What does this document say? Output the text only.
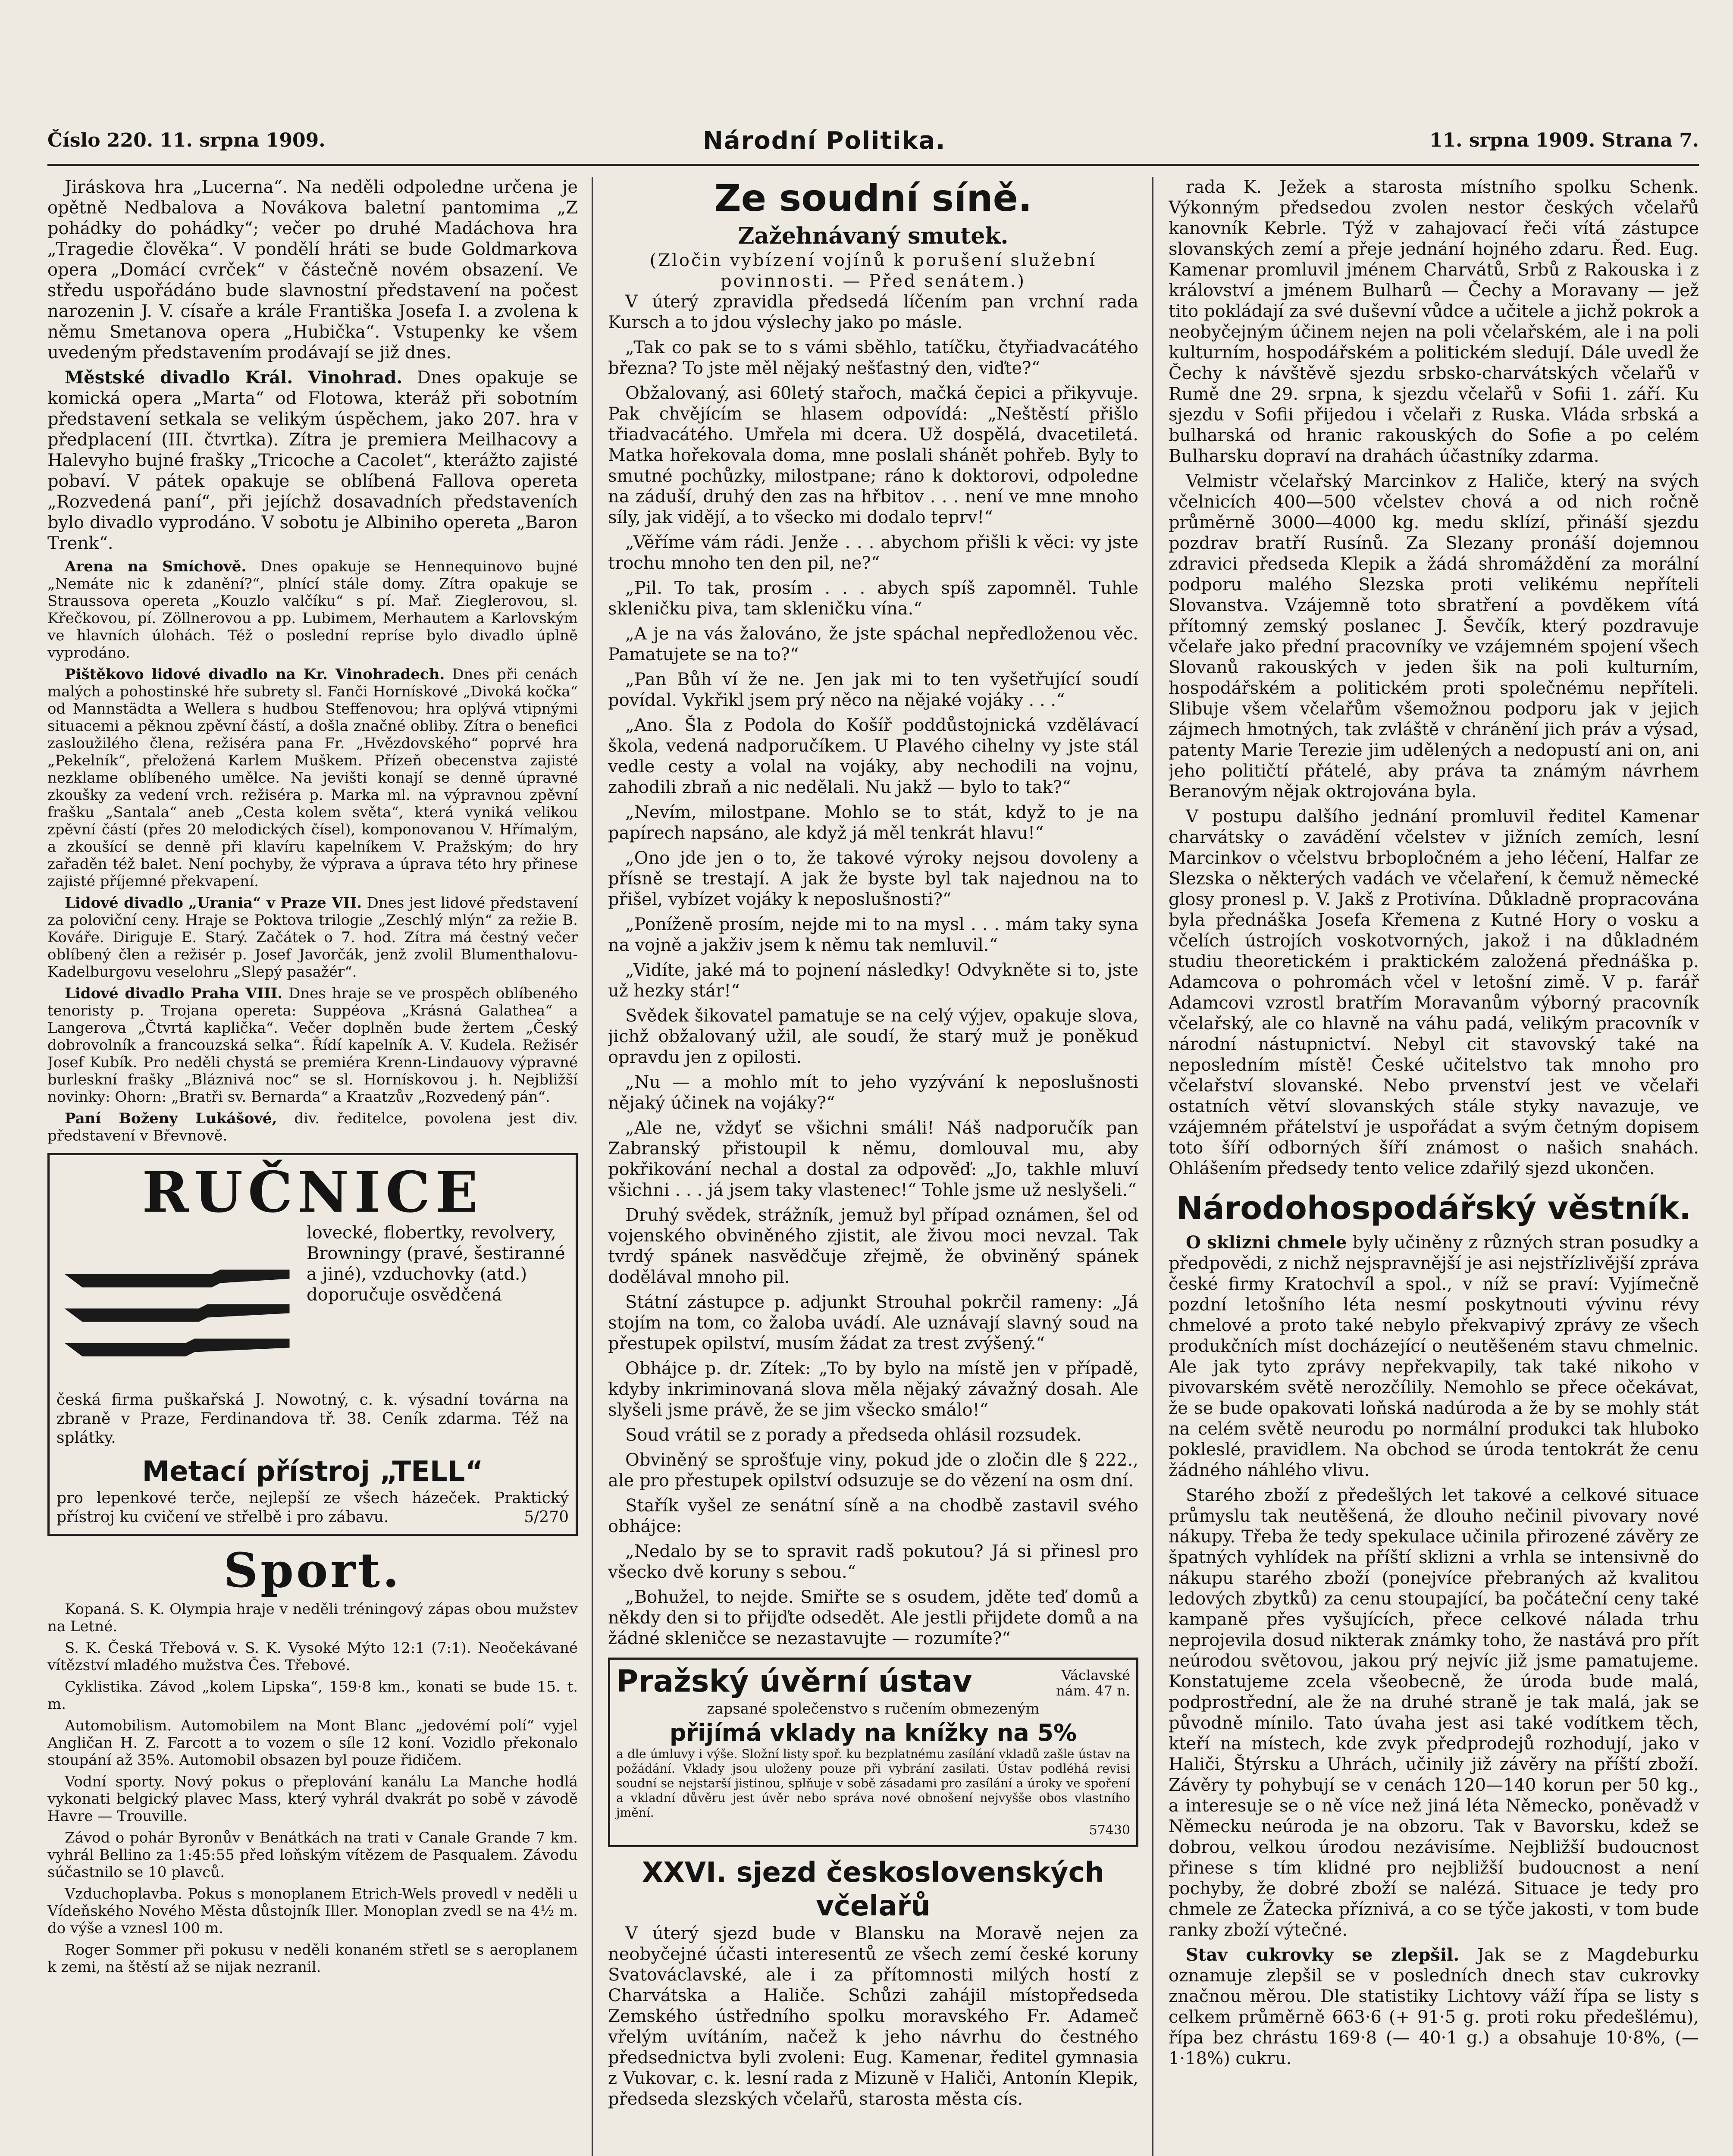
Číslo 220. 11. srpna 1909.	Národní Politika.	11. srpna 1909. Strana 7.

Jiráskova hra „Lucerna“. Na neděli odpoledne určena je opětně Nedbalova a Novákova baletní pantomima „Z pohádky do pohádky“; večer po druhé Madáchova hra „Tragedie člověka“. V pondělí hráti se bude Goldmarkova opera „Domácí cvrček“ v částečně novém obsazení. Ve středu uspořádáno bude slavnostní představení na počest narozenin J. V. císaře a krále Františka Josefa I. a zvolena k němu Smetanova opera „Hubička“. Vstupenky ke všem uvedeným představením prodávají se již dnes.

Městské divadlo Král. Vinohrad. Dnes opakuje se komická opera „Marta“ od Flotowa, kteráž při sobotním představení setkala se velikým úspěchem, jako 207. hra v předplacení (III. čtvrtka). Zítra je premiera Meilhacovy a Halevyho bujné frašky „Tricoche a Cacolet“, kterážto zajisté pobaví. V pátek opakuje se oblíbená Fallova opereta „Rozvedená paní“, při jejíchž dosavadních představeních bylo divadlo vyprodáno. V sobotu je Albiniho opereta „Baron Trenk“.

Arena na Smíchově. Dnes opakuje se Hennequinovo bujné „Nemáte nic k zdanění?“, plnící stále domy. Zítra opakuje se Straussova opereta „Kouzlo valčíku“ s pí. Mař. Zieglerovou, sl. Křečkovou, pí. Zöllnerovou a pp. Lubimem, Merhautem a Karlovským ve hlavních úlohách. Též o poslední repríse bylo divadlo úplně vyprodáno.

Pištěkovo lidové divadlo na Kr. Vinohradech. Dnes při cenách malých a pohostinské hře subrety sl. Fanči Hornískové „Divoká kočka“ od Mannstädta a Wellera s hudbou Steffenovou; hra oplývá vtipnými situacemi a pěknou zpěvní částí, a došla značné obliby. Zítra o benefici zasloužilého člena, režiséra pana Fr. „Hvězdovského“ poprvé hra „Pekelník“, přeložená Karlem Muškem. Přízeň obecenstva zajisté nezklame oblíbeného umělce. Na jevišti konají se denně úpravné zkoušky za vedení vrch. režiséra p. Marka ml. na výpravnou zpěvní frašku „Santala“ aneb „Cesta kolem světa“, která vyniká velikou zpěvní částí (přes 20 melodických čísel), komponovanou V. Hřímalým, a zkoušící se denně při klavíru kapelníkem V. Pražským; do hry zařaděn též balet. Není pochyby, že výprava a úprava této hry přinese zajisté příjemné překvapení.

Lidové divadlo „Urania“ v Praze VII. Dnes jest lidové představení za poloviční ceny. Hraje se Poktova trilogie „Zeschlý mlýn“ za režie B. Kováře. Diriguje E. Starý. Začátek o 7. hod. Zítra má čestný večer oblíbený člen a režisér p. Josef Javorčák, jenž zvolil Blumenthalovu-Kadelburgovu veselohru „Slepý pasažér“.

Lidové divadlo Praha VIII. Dnes hraje se ve prospěch oblíbeného tenoristy p. Trojana opereta: Suppéova „Krásná Galathea“ a Langerova „Čtvrtá kaplička“. Večer doplněn bude žertem „Český dobrovolník a francouzská selka“. Řídí kapelník A. V. Kudela. Režisér Josef Kubík. Pro neděli chystá se premiéra Krenn-Lindauovy výpravné burleskní frašky „Bláznivá noc“ se sl. Hornískovou j. h. Nejbližší novinky: Ohorn: „Bratři sv. Bernarda“ a Kraatzův „Rozvedený pán“.

Paní Boženy Lukášové, div. ředitelce, povolena jest div. představení v Břevnově.

RUČNICE
lovecké, flobertky, revolvery, Browningy (pravé, šestiranné a jiné), vzduchovky (atd.) doporučuje osvědčená
česká firma puškařská J. Nowotný, c. k. výsadní továrna na zbraně v Praze, Ferdinandova tř. 38. Ceník zdarma. Též na splátky.
Metací přístroj „TELL“
pro lepenkové terče, nejlepší ze všech házeček. Praktický přístroj ku cvičení ve střelbě i pro zábavu.	5/270
Sport.

Kopaná. S. K. Olympia hraje v neděli tréningový zápas obou mužstev na Letné.

S. K. Česká Třebová v. S. K. Vysoké Mýto 12:1 (7:1). Neočekávané vítězství mladého mužstva Čes. Třebové.

Cyklistika. Závod „kolem Lipska“, 159·8 km., konati se bude 15. t. m.

Automobilism. Automobilem na Mont Blanc „jedovémí polí“ vyjel Angličan H. Z. Farcott a to vozem o síle 12 koní. Vozidlo překonalo stoupání až 35%. Automobil obsazen byl pouze řidičem.

Vodní sporty. Nový pokus o přeplování kanálu La Manche hodlá vykonati belgický plavec Mass, který vyhrál dvakrát po sobě v závodě Havre — Trouville.

Závod o pohár Byronův v Benátkách na trati v Canale Grande 7 km. vyhrál Bellino za 1:45:55 před loňským vítězem de Pasqualem. Závodu súčastnilo se 10 plavců.

Vzduchoplavba. Pokus s monoplanem Etrich-Wels provedl v neděli u Vídeňského Nového Města důstojník Iller. Monoplan zvedl se na 4½ m. do výše a vznesl 100 m.

Roger Sommer při pokusu v neděli konaném střetl se s aeroplanem k zemi, na štěstí až se nijak nezranil.

Ze soudní síně.
Zažehnávaný smutek.
(Zločin vybízení vojínů k porušení služební povinnosti. — Před senátem.)

V úterý zpravidla předsedá líčením pan vrchní rada Kursch a to jdou výslechy jako po másle.

„Tak co pak se to s vámi sběhlo, tatíčku, čtyřiadvacátého března? To jste měl nějaký nešťastný den, viďte?“

Obžalovaný, asi 60letý stařoch, mačká čepici a přikyvuje. Pak chvějícím se hlasem odpovídá: „Neštěstí přišlo třiadvacátého. Umřela mi dcera. Už dospělá, dvacetiletá. Matka hořekovala doma, mne poslali shánět pohřeb. Byly to smutné pochůzky, milostpane; ráno k doktorovi, odpoledne na záduší, druhý den zas na hřbitov . . . není ve mne mnoho síly, jak vidějí, a to všecko mi dodalo teprv!“

„Věříme vám rádi. Jenže . . . abychom přišli k věci: vy jste trochu mnoho ten den pil, ne?“

„Pil. To tak, prosím . . . abych spíš zapomněl. Tuhle skleničku piva, tam skleničku vína.“

„A je na vás žalováno, že jste spáchal nepředloženou věc. Pamatujete se na to?“

„Pan Bůh ví že ne. Jen jak mi to ten vyšetřující soudí povídal. Vykřikl jsem prý něco na nějaké vojáky . . .“

„Ano. Šla z Podola do Košíř poddůstojnická vzdělávací škola, vedená nadporučíkem. U Plavého cihelny vy jste stál vedle cesty a volal na vojáky, aby nechodili na vojnu, zahodili zbraň a nic nedělali. Nu jakž — bylo to tak?“

„Nevím, milostpane. Mohlo se to stát, když to je na papírech napsáno, ale když já měl tenkrát hlavu!“

„Ono jde jen o to, že takové výroky nejsou dovoleny a přísně se trestají. A jak že byste byl tak najednou na to přišel, vybízet vojáky k neposlušnosti?“

„Poníženě prosím, nejde mi to na mysl . . . mám taky syna na vojně a jakživ jsem k němu tak nemluvil.“

„Vidíte, jaké má to pojnení následky! Odvykněte si to, jste už hezky stár!“

Svědek šikovatel pamatuje se na celý výjev, opakuje slova, jichž obžalovaný užil, ale soudí, že starý muž je poněkud opravdu jen z opilosti.

„Nu — a mohlo mít to jeho vyzývání k neposlušnosti nějaký účinek na vojáky?“

„Ale ne, vždyť se všichni smáli! Náš nadporučík pan Zabranský přistoupil k němu, domlouval mu, aby pokřikování nechal a dostal za odpověď: „Jo, takhle mluví všichni . . . já jsem taky vlastenec!“ Tohle jsme už neslyšeli.“

Druhý svědek, strážník, jemuž byl případ oznámen, šel od vojenského obviněného zjistit, ale živou moci nevzal. Tak tvrdý spánek nasvědčuje zřejmě, že obviněný spánek dodělával mnoho pil.

Státní zástupce p. adjunkt Strouhal pokrčil rameny: „Já stojím na tom, co žaloba uvádí. Ale uznávají slavný soud na přestupek opilství, musím žádat za trest zvýšený.“

Obhájce p. dr. Zítek: „To by bylo na místě jen v případě, kdyby inkriminovaná slova měla nějaký závažný dosah. Ale slyšeli jsme právě, že se jim všecko smálo!“

Soud vrátil se z porady a předseda ohlásil rozsudek.

Obviněný se sprošťuje viny, pokud jde o zločin dle § 222., ale pro přestupek opilství odsuzuje se do vězení na osm dní.

Stařík vyšel ze senátní síně a na chodbě zastavil svého obhájce:

„Nedalo by se to spravit radš pokutou? Já si přinesl pro všecko dvě koruny s sebou.“

„Bohužel, to nejde. Smiřte se s osudem, jděte teď domů a někdy den si to přijďte odsedět. Ale jestli přijdete domů a na žádné skleničce se nezastavujte — rozumíte?“

Pražský úvěrní ústav	Václavské nám. 47 n.
zapsané společenstvo s ručením obmezeným
přijímá vklady na knížky na 5%
a dle úmluvy i výše. Složní listy spoř. ku bezplatnému zasílání vkladů zašle ústav na požádání. Vklady jsou uloženy pouze při vybrání zasilati. Ústav podléhá revisi soudní se nejstarší jistinou, splňuje v sobě zásadami pro zasílání a úroky ve spoření a vkladní důvěru jest úvěr nebo správa nové obnošení nejvyšše obos vlastního jmění.
57430
XXVI. sjezd československých včelařů

V úterý sjezd bude v Blansku na Moravě nejen za neobyčejné účasti interesentů ze všech zemí české koruny Svatováclavské, ale i za přítomnosti milých hostí z Charvátska a Haliče. Schůzi zahájil místopředseda Zemského ústředního spolku moravského Fr. Adameč vřelým uvítáním, načež k jeho návrhu do čestného předsednictva byli zvoleni: Eug. Kamenar, ředitel gymnasia z Vukovar, c. k. lesní rada z Mizuně v Haliči, Antonín Klepik, předseda slezských včelařů, starosta města cís.

rada K. Ježek a starosta místního spolku Schenk. Výkonným předsedou zvolen nestor českých včelařů kanovník Kebrle. Týž v zahajovací řeči vítá zástupce slovanských zemí a přeje jednání hojného zdaru. Řed. Eug. Kamenar promluvil jménem Charvátů, Srbů z Rakouska i z království a jménem Bulharů — Čechy a Moravany — jež tito pokládají za své duševní vůdce a učitele a jichž pokrok a neobyčejným účinem nejen na poli včelařském, ale i na poli kulturním, hospodářském a politickém sledují. Dále uvedl že Čechy k návštěvě sjezdu srbsko-charvátských včelařů v Rumě dne 29. srpna, k sjezdu včelařů v Sofii 1. září. Ku sjezdu v Sofii přijedou i včelaři z Ruska. Vláda srbská a bulharská od hranic rakouských do Sofie a po celém Bulharsku dopraví na drahách účastníky zdarma.

Velmistr včelařský Marcinkov z Haliče, který na svých včelnicích 400—500 včelstev chová a od nich ročně průměrně 3000—4000 kg. medu sklízí, přináší sjezdu pozdrav bratří Rusínů. Za Slezany pronáší dojemnou zdravici předseda Klepik a žádá shromáždění za morální podporu malého Slezska proti velikému nepříteli Slovanstva. Vzájemně toto sbratření a povděkem vítá přítomný zemský poslanec J. Ševčík, který pozdravuje včelaře jako přední pracovníky ve vzájemném spojení všech Slovanů rakouských v jeden šik na poli kulturním, hospodářském a politickém proti společnému nepříteli. Slibuje všem včelařům všemožnou podporu jak v jejich zájmech hmotných, tak zvláště v chránění jich práv a výsad, patenty Marie Terezie jim udělených a nedopustí ani on, ani jeho političtí přátelé, aby práva ta známým návrhem Beranovým nějak oktrojována byla.

V postupu dalšího jednání promluvil ředitel Kamenar charvátsky o zavádění včelstev v jižních zemích, lesní Marcinkov o včelstvu brbopločném a jeho léčení, Halfar ze Slezska o některých vadách ve včelaření, k čemuž německé glosy pronesl p. V. Jakš z Protivína. Důkladně propracována byla přednáška Josefa Křemena z Kutné Hory o vosku a včelích ústrojích voskotvorných, jakož i na důkladném studiu theoretickém i praktickém založená přednáška p. Adamcova o pohromách včel v letošní zimě. V p. farář Adamcovi vzrostl bratřím Moravanům výborný pracovník včelařský, ale co hlavně na váhu padá, velikým pracovník v národní nástupnictví. Nebyl cit stavovský také na neposledním místě! České učitelstvo tak mnoho pro včelařství slovanské. Nebo prvenství jest ve včelaři ostatních větví slovanských stále styky navazuje, ve vzájemném přátelství je uspořádat a svým četným dopisem toto šíří odborných šíří známost o našich snahách. Ohlášením předsedy tento velice zdařilý sjezd ukončen.

Národohospodářský věstník.

O sklizni chmele byly učiněny z různých stran posudky a předpovědi, z nichž nejspravnější je asi nejstřízlivější zpráva české firmy Kratochvíl a spol., v níž se praví: Vyjímečně pozdní letošního léta nesmí poskytnouti vývinu révy chmelové a proto také nebylo překvapivý zprávy ze všech produkčních míst docházející o neutěšeném stavu chmelnic. Ale jak tyto zprávy nepřekvapily, tak také nikoho v pivovarském světě nerozčílily. Nemohlo se přece očekávat, že se bude opakovati loňská nadúroda a že by se mohly stát na celém světě neurodu po normální produkci tak hluboko pokleslé, pravidlem. Na obchod se úroda tentokrát že cenu žádného náhlého vlivu.

Starého zboží z předešlých let takové a celkové situace průmyslu tak neutěšená, že dlouho nečinil pivovary nové nákupy. Třeba že tedy spekulace učinila přirozené závěry ze špatných vyhlídek na příští sklizni a vrhla se intensivně do nákupu starého zboží (ponejvíce přebraných až kvalitou ledových zbytků) za cenu stoupající, ba počáteční ceny také kampaně přes vyšujících, přece celkové nálada trhu neprojevila dosud nikterak známky toho, že nastává pro přít neúrodou světovou, jakou prý nejvíc již jsme pamatujeme. Konstatujeme zcela všeobecně, že úroda bude malá, podprostřední, ale že na druhé straně je tak malá, jak se původně mínilo. Tato úvaha jest asi také vodítkem těch, kteří na místech, kde zvyk předprodejů rozhodují, jako v Haliči, Štýrsku a Uhrách, učinily již závěry na příští zboží. Závěry ty pohybují se v cenách 120—140 korun per 50 kg., a interesuje se o ně více než jiná léta Německo, poněvadž v Německu neúroda je na obzoru. Tak v Bavorsku, kdež se dobrou, velkou úrodou nezávisíme. Nejbližší budoucnost přinese s tím klidné pro nejbližší budoucnost a není pochyby, že dobré zboží se nalézá. Situace je tedy pro chmele ze Žatecka příznivá, a co se týče jakosti, v tom bude ranky zboží výtečné.

Stav cukrovky se zlepšil. Jak se z Magdeburku oznamuje zlepšil se v posledních dnech stav cukrovky značnou měrou. Dle statistiky Lichtovy váží řípa se listy s celkem průměrně 663·6 (+ 91·5 g. proti roku předešlému), řípa bez chrástu 169·8 (— 40·1 g.) a obsahuje 10·8%, (— 1·18%) cukru.
